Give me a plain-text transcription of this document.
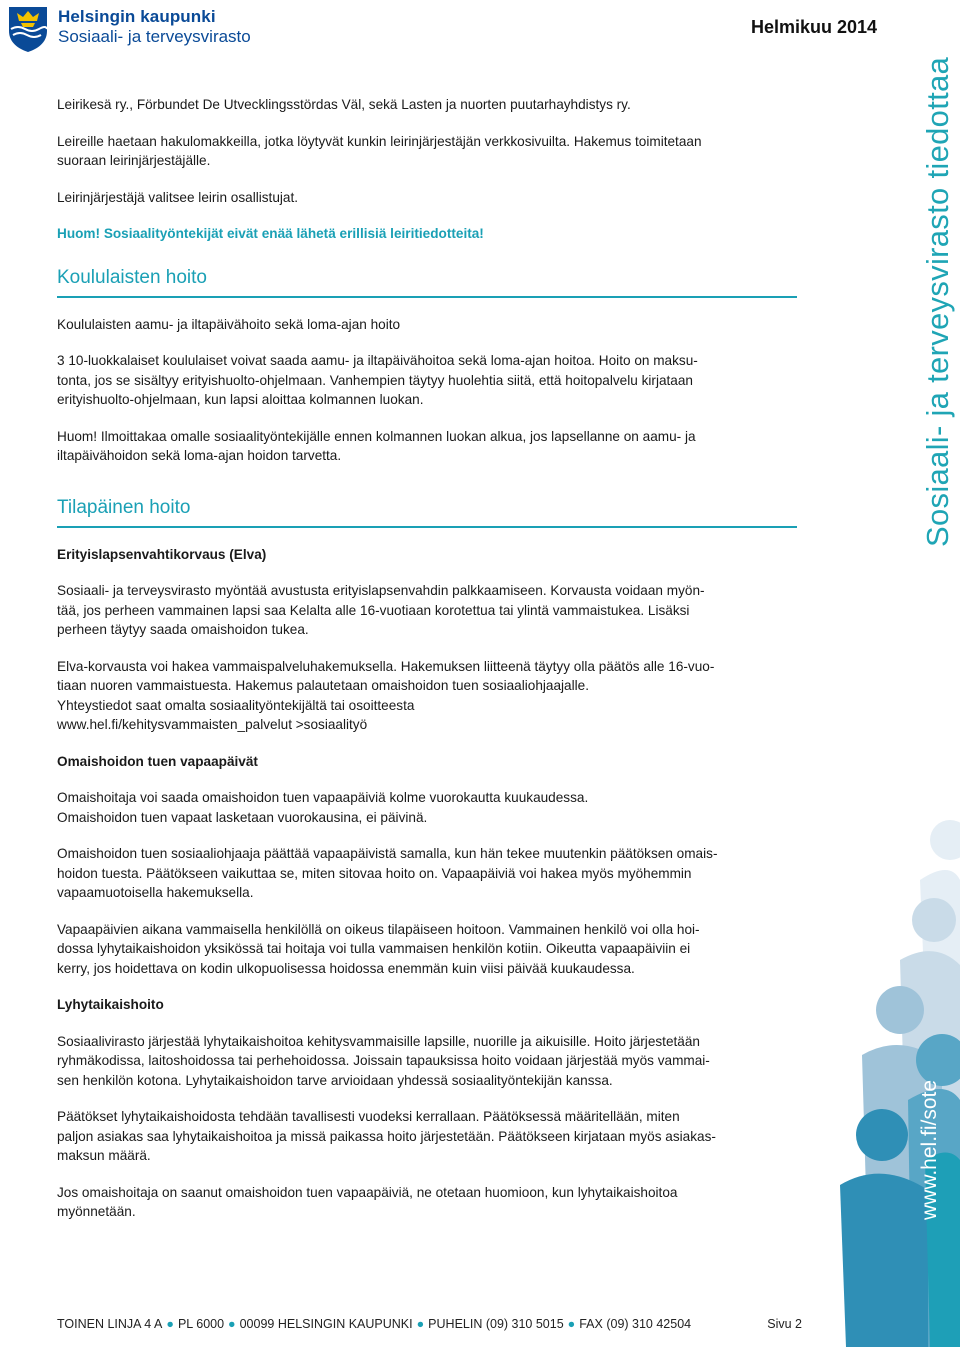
Helsingin kaupunki
Sosiaali- ja terveysvirasto	Helmikuu 2014
Sosiaali- ja terveysvirasto tiedottaa

Leirikesä ry., Förbundet De Utvecklingsstördas Väl, sekä Lasten ja nuorten puutarhayhdistys ry.

Leireille haetaan hakulomakkeilla, jotka löytyvät kunkin leirinjärjestäjän verkkosivuilta. Hakemus toimitetaan

suoraan leirinjärjestäjälle.

Leirinjärjestäjä valitsee leirin osallistujat.

Huom! Sosiaalityöntekijät eivät enää lähetä erillisiä leiritiedotteita!

Koululaisten hoito

Koululaisten aamu- ja iltapäivähoito sekä loma-ajan hoito

3 10-luokkalaiset koululaiset voivat saada aamu- ja iltapäivähoitoa sekä loma-ajan hoitoa. Hoito on maksu-

tonta, jos se sisältyy erityishuolto-ohjelmaan. Vanhempien täytyy huolehtia siitä, että hoitopalvelu kirjataan

erityishuolto-ohjelmaan, kun lapsi aloittaa kolmannen luokan.

Huom! Ilmoittakaa omalle sosiaalityöntekijälle ennen kolmannen luokan alkua, jos lapsellanne on aamu- ja

iltapäivähoidon sekä loma-ajan hoidon tarvetta.

Tilapäinen hoito

Erityislapsenvahtikorvaus (Elva)

Sosiaali- ja terveysvirasto myöntää avustusta erityislapsenvahdin palkkaamiseen. Korvausta voidaan myön-

tää, jos perheen vammainen lapsi saa Kelalta alle 16-vuotiaan korotettua tai ylintä vammaistukea. Lisäksi

perheen täytyy saada omaishoidon tukea.

Elva-korvausta voi hakea vammaispalveluhakemuksella. Hakemuksen liitteenä täytyy olla päätös alle 16-vuo-

tiaan nuoren vammaistuesta. Hakemus palautetaan omaishoidon tuen sosiaaliohjaajalle.

Yhteystiedot saat omalta sosiaalityöntekijältä tai osoitteesta

www.hel.fi/kehitysvammaisten_palvelut >sosiaalityö

Omaishoidon tuen vapaapäivät

Omaishoitaja voi saada omaishoidon tuen vapaapäiviä kolme vuorokautta kuukaudessa.

Omaishoidon tuen vapaat lasketaan vuorokausina, ei päivinä.

Omaishoidon tuen sosiaaliohjaaja päättää vapaapäivistä samalla, kun hän tekee muutenkin päätöksen omais-

hoidon tuesta. Päätökseen vaikuttaa se, miten sitovaa hoito on. Vapaapäiviä voi hakea myös myöhemmin

vapaamuotoisella hakemuksella.

Vapaapäivien aikana vammaisella henkilöllä on oikeus tilapäiseen hoitoon. Vammainen henkilö voi olla hoi-

dossa lyhytaikaishoidon yksikössä tai hoitaja voi tulla vammaisen henkilön kotiin. Oikeutta vapaapäiviin ei

kerry, jos hoidettava on kodin ulkopuolisessa hoidossa enemmän kuin viisi päivää kuukaudessa.

Lyhytaikaishoito

Sosiaalivirasto järjestää lyhytaikaishoitoa kehitysvammaisille lapsille, nuorille ja aikuisille. Hoito järjestetään

ryhmäkodissa, laitoshoidossa tai perhehoidossa. Joissain tapauksissa hoito voidaan järjestää myös vammai-

sen henkilön kotona. Lyhytaikaishoidon tarve arvioidaan yhdessä sosiaalityöntekijän kanssa.

Päätökset lyhytaikaishoidosta tehdään tavallisesti vuodeksi kerrallaan. Päätöksessä määritellään, miten

paljon asiakas saa lyhytaikaishoitoa ja missä paikassa hoito järjestetään. Päätökseen kirjataan myös asiakas-

maksun määrä.

Jos omaishoitaja on saanut omaishoidon tuen vapaapäiviä, ne otetaan huomioon, kun lyhytaikaishoitoa

myönnetään.	www.hel.fi/sote
TOINEN LINJA 4 A ● PL 6000 ● 00099 HELSINGIN KAUPUNKI ● PUHELIN (09) 310 5015 ● FAX (09) 310 42504	Sivu 2
